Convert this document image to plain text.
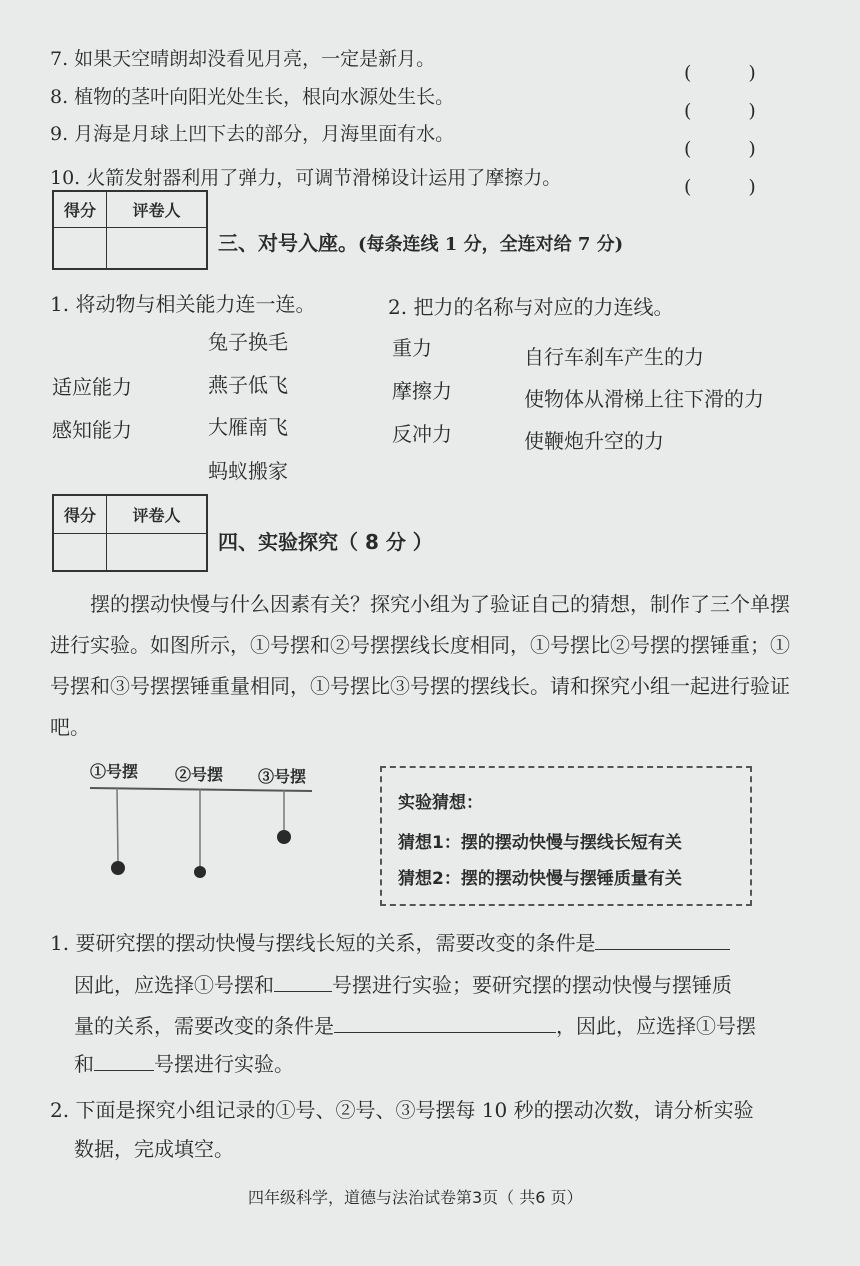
7. 如果天空晴朗却没看见月亮，一定是新月。
(　　　)
8. 植物的茎叶向阳光处生长，根向水源处生长。
(　　　)
9. 月海是月球上凹下去的部分，月海里面有水。
(　　　)
10. 火箭发射器利用了弹力，可调节滑梯设计运用了摩擦力。	(　　　)
得分	评卷人

三、对号入座。(每条连线 1 分，全连对给 7 分)
1. 将动物与相关能力连一连。	2. 把力的名称与对应的力连线。
兔子换毛
适应能力	燕子低飞
感知能力	大雁南飞
蚂蚁搬家
重力	自行车刹车产生的力
摩擦力	使物体从滑梯上往下滑的力
反冲力	使鞭炮升空的力
得分	评卷人

四、实验探究（ 8 分 ）
摆的摆动快慢与什么因素有关？探究小组为了验证自己的猜想，制作了三个单摆进行实验。如图所示，①号摆和②号摆摆线长度相同，①号摆比②号摆的摆锤重；①号摆和③号摆摆锤重量相同，①号摆比③号摆的摆线长。请和探究小组一起进行验证吧。
①号摆 ②号摆 ③号摆
实验猜想：
猜想1：摆的摆动快慢与摆线长短有关
猜想2：摆的摆动快慢与摆锤质量有关
1. 要研究摆的摆动快慢与摆线长短的关系，需要改变的条件是
因此，应选择①号摆和	号摆进行实验；要研究摆的摆动快慢与摆锤质
量的关系，需要改变的条件是	，因此，应选择①号摆
和	号摆进行实验。
2. 下面是探究小组记录的①号、②号、③号摆每 10 秒的摆动次数，请分析实验
数据，完成填空。
四年级科学，道德与法治试卷第3页（ 共6 页）
